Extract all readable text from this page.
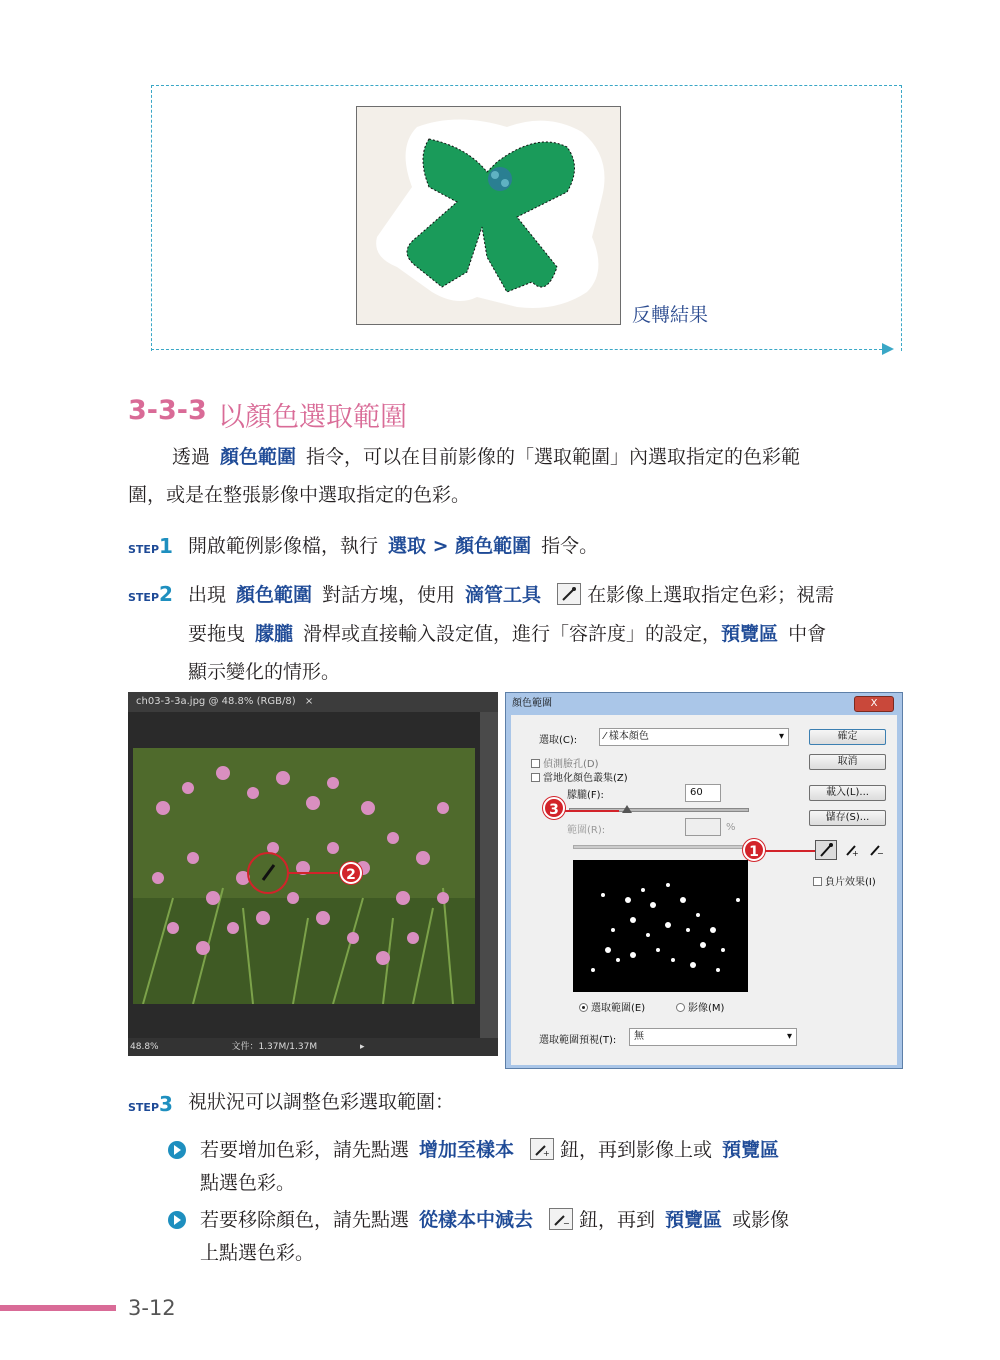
反轉結果
3-3-3 以顏色選取範圍
透過 顏色範圍 指令，可以在目前影像的「選取範圍」內選取指定的色彩範
圍，或是在整張影像中選取指定的色彩。
STEP1 開啟範例影像檔，執行 選取 > 顏色範圍 指令。
STEP2 出現 顏色範圍 對話方塊，使用 滴管工具 在影像上選取指定色彩；視需
要拖曳 朦朧 滑桿或直接輸入設定值，進行「容許度」的設定，預覽區 中會
顯示變化的情形。
ch03-3-3a.jpg @ 48.8% (RGB/8) ×
2
48.8%	文件：1.37M/1.37M	▸
顏色範圍	X
選取(C):	⁄ 樣本顏色	▾
偵測臉孔(D)
當地化顏色叢集(Z)
朦朧(F):	60
3
範圍(R):	%
1
選取範圍(E)	影像(M)
選取範圍預視(T):	無	▾
確定
取消
載入(L)...
儲存(S)...
+ −
負片效果(I)
STEP3 視狀況可以調整色彩選取範圍：
若要增加色彩，請先點選 增加至樣本	+ 鈕，再到影像上或 預覽區
點選色彩。
若要移除顏色，請先點選 從樣本中減去	− 鈕，再到 預覽區 或影像
上點選色彩。
3-12
